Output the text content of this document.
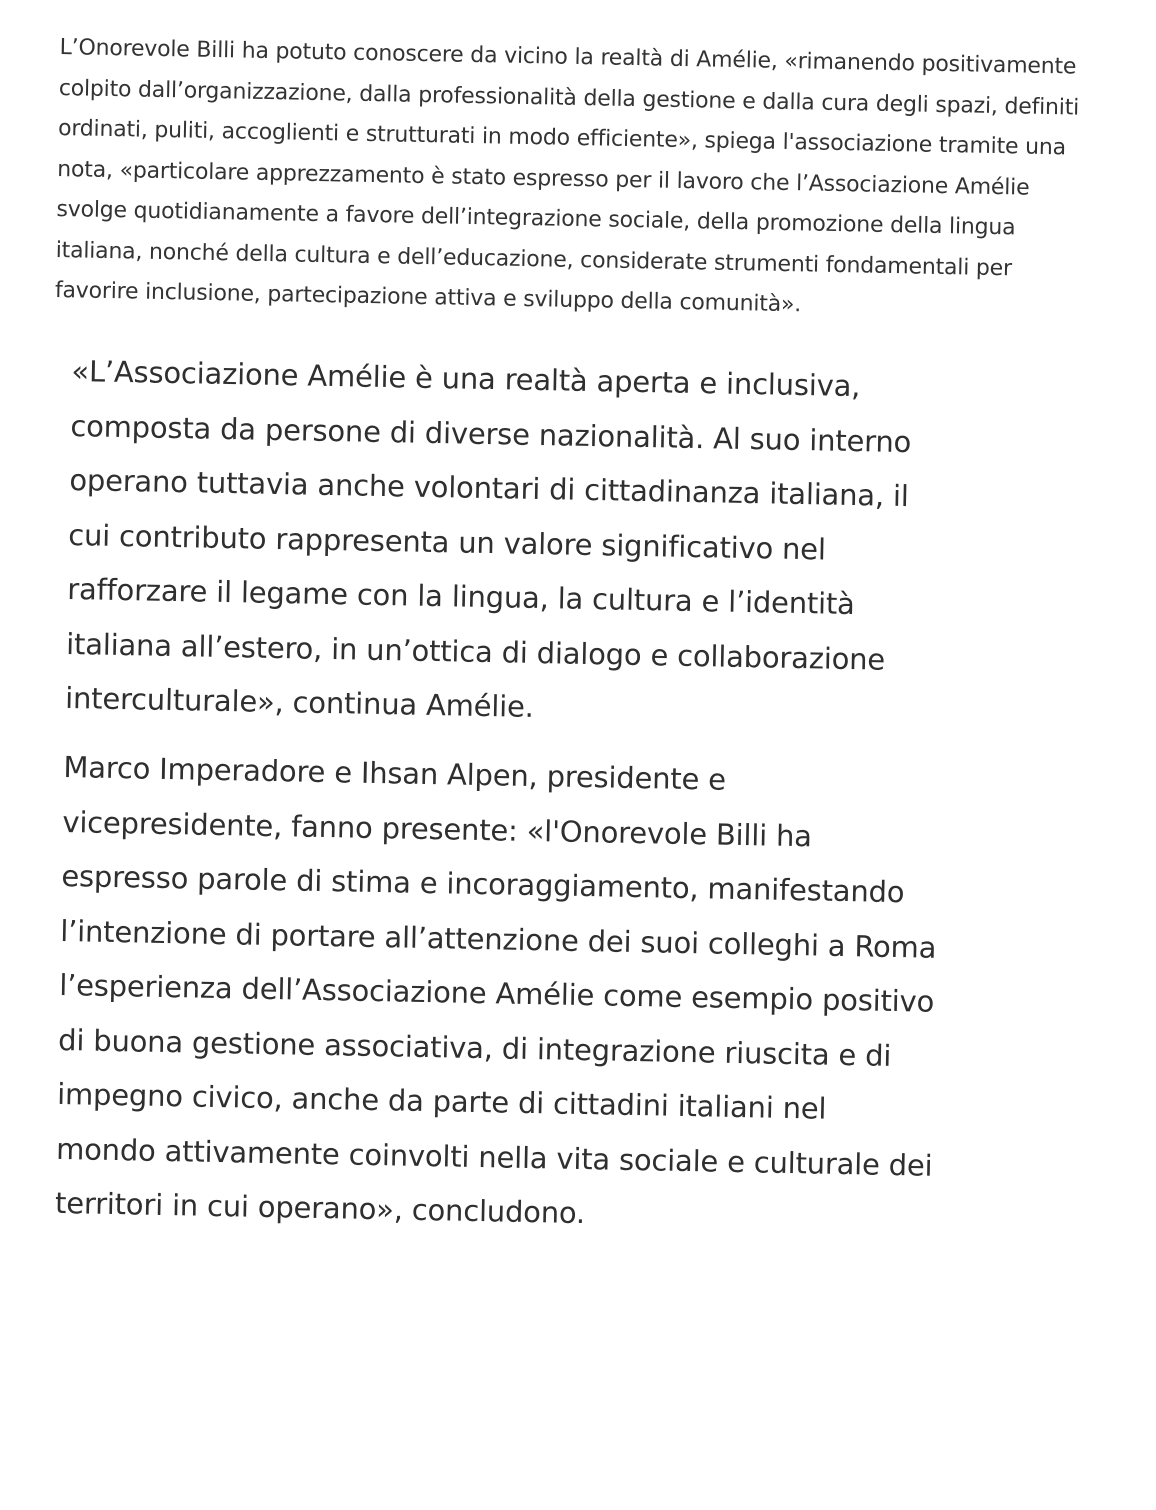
L’Onorevole Billi ha potuto conoscere da vicino la realtà di Amélie, «rimanendo positivamente
colpito dall’organizzazione, dalla professionalità della gestione e dalla cura degli spazi, definiti
ordinati, puliti, accoglienti e strutturati in modo efficiente», spiega l'associazione tramite una
nota, «particolare apprezzamento è stato espresso per il lavoro che l’Associazione Amélie
svolge quotidianamente a favore dell’integrazione sociale, della promozione della lingua
italiana, nonché della cultura e dell’educazione, considerate strumenti fondamentali per
favorire inclusione, partecipazione attiva e sviluppo della comunità».

«L’Associazione Amélie è una realtà aperta e inclusiva,
composta da persone di diverse nazionalità. Al suo interno
operano tuttavia anche volontari di cittadinanza italiana, il
cui contributo rappresenta un valore significativo nel
rafforzare il legame con la lingua, la cultura e l’identità
italiana all’estero, in un’ottica di dialogo e collaborazione
interculturale», continua Amélie.

Marco Imperadore e Ihsan Alpen, presidente e
vicepresidente, fanno presente: «l'Onorevole Billi ha
espresso parole di stima e incoraggiamento, manifestando
l’intenzione di portare all’attenzione dei suoi colleghi a Roma
l’esperienza dell’Associazione Amélie come esempio positivo
di buona gestione associativa, di integrazione riuscita e di
impegno civico, anche da parte di cittadini italiani nel
mondo attivamente coinvolti nella vita sociale e culturale dei
territori in cui operano», concludono.
